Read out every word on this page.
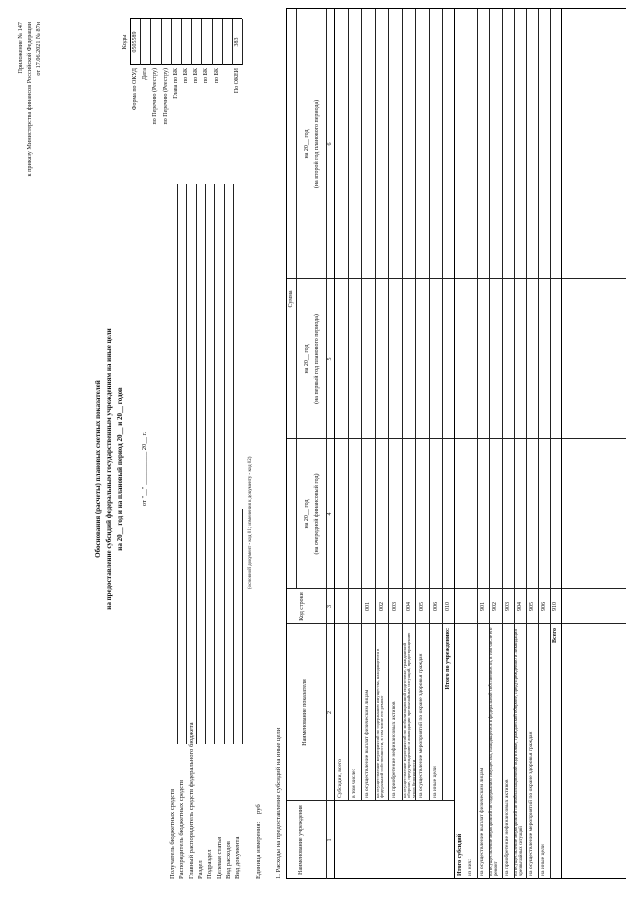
Приложение № 147 к приказу Министерства финансов Российской Федерации от 17.06.2021 № 87н
Обоснования (расчеты) плановых сметных показателей на предоставление субсидий федеральным государственным учреждениям на иные цели на 20__ год и на плановый период 20__ и 20__ годов	от "__" __________ 20__ г.
Коды
Форма по ОКУД
0505589
Дата по Перечню (Реестру) по Перечню (Реестру) Глава по БК по БК по БК по БК по БК По ОКЕИ
383
Получатель бюджетных средств Распорядитель бюджетных средств Главный распорядитель средств федерального бюджета Раздел Подраздел Целевая статья Вид расходов Вид документа
(основной документ - код 01; изменения к документу - код 02)
Единица измерения:
руб 1. Расходы на предоставление субсидий на иные цели	Наименование учреждения
Наименование показателя
Код строки
Сумма
на 20__ год (на очередной финансовый год)
на 20__ год (на первый год планового периода)
на 20__ год (на второй год планового периода)
1
2
3
4
5
6
Субсидии, всего в том числе: на осуществление выплат физическим лицам
001
на осуществление мероприятий по содержанию имущества, находящегося в федеральной собственности, в том числе его ремонт
002
на приобретение нефинансовых активов
003
на осуществление мероприятий по мобилизационной подготовке, гражданской обороне, предупреждению и ликвидации чрезвычайных ситуаций, предотвращению угроз безопасности
004
на осуществление мероприятий по охране здоровья граждан
005
на иные цели
006
Итого по учреждению:
010
Итого субсидий из них: на осуществление выплат физическим лицам
901
на осуществление мероприятий по содержанию имущества, находящегося в федеральной собственности, в том числе его ремонт
902
на приобретение нефинансовых активов
903
на осуществление мероприятий по мобилизационной подготовке, гражданской обороне, предупреждению и ликвидации чрезвычайных ситуаций
904
на осуществление мероприятий по охране здоровья граждан
905
на иные цели
906
Всего
910
